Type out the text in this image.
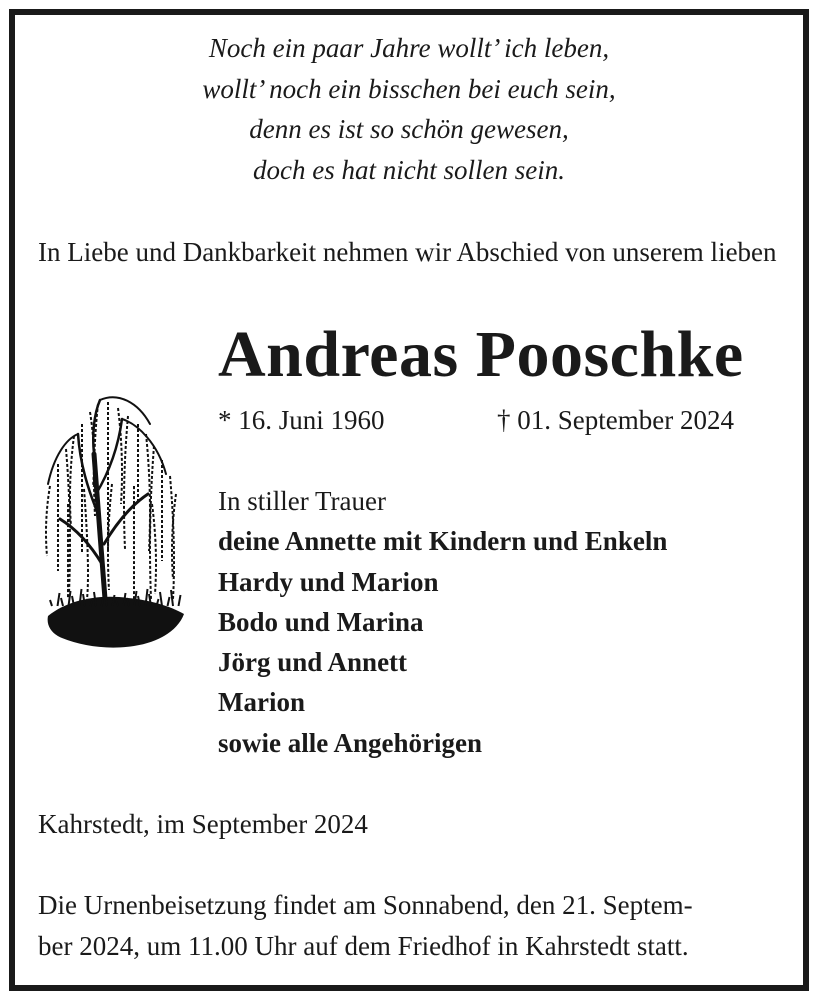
Noch ein paar Jahre wollt’ ich leben,
wollt’ noch ein bisschen bei euch sein,
denn es ist so schön gewesen,
doch es hat nicht sollen sein.
In Liebe und Dankbarkeit nehmen wir Abschied von unserem lieben
Andreas Pooschke
* 16. Juni 1960	† 01. September 2024
In stiller Trauer
deine Annette mit Kindern und Enkeln
Hardy und Marion
Bodo und Marina
Jörg und Annett
Marion
sowie alle Angehörigen
Kahrstedt, im September 2024
Die Urnenbeisetzung findet am Sonnabend, den 21. Septem-
ber 2024, um 11.00 Uhr auf dem Friedhof in Kahrstedt statt.
